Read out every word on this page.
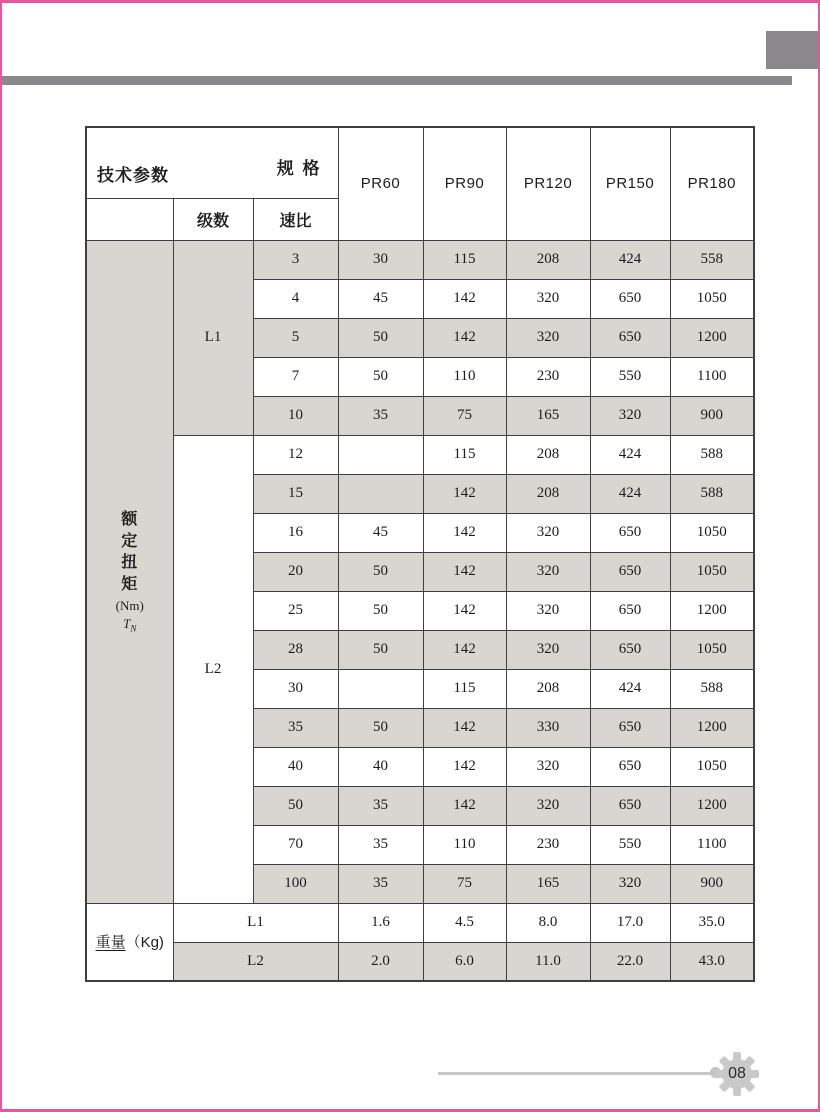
规 格
技术参数			PR60	PR90	PR120	PR150	PR180
	级数	速比					

额定扭矩
(Nm)
$T_N$	L1	3	30	115	208	424	558
		4	45	142	320	650	1050
		5	50	142	320	650	1200
		7	50	110	230	550	1100
		10	35	75	165	320	900
	L2	12		115	208	424	588
		15		142	208	424	588
		16	45	142	320	650	1050
		20	50	142	320	650	1050
		25	50	142	320	650	1200
		28	50	142	320	650	1050
		30		115	208	424	588
		35	50	142	330	650	1200
		40	40	142	320	650	1050
		50	35	142	320	650	1200
		70	35	110	230	550	1100
		100	35	75	165	320	900
重量（Kg)	L1		1.6	4.5	8.0	17.0	35.0
	L2		2.0	6.0	11.0	22.0	43.0
08
